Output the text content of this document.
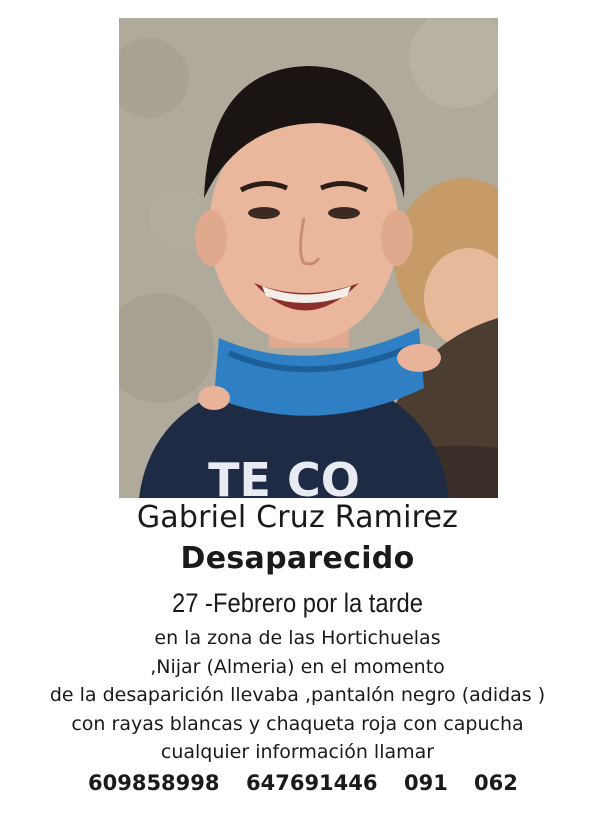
TE CO
Gabriel Cruz Ramirez
Desaparecido
27 -Febrero por la tarde
en la zona de las Hortichuelas
,Nijar (Almeria) en el momento
de la desaparición llevaba ,pantalón negro (adidas )
con rayas blancas y chaqueta roja con capucha
cualquier información llamar
609858998 647691446 091 062
